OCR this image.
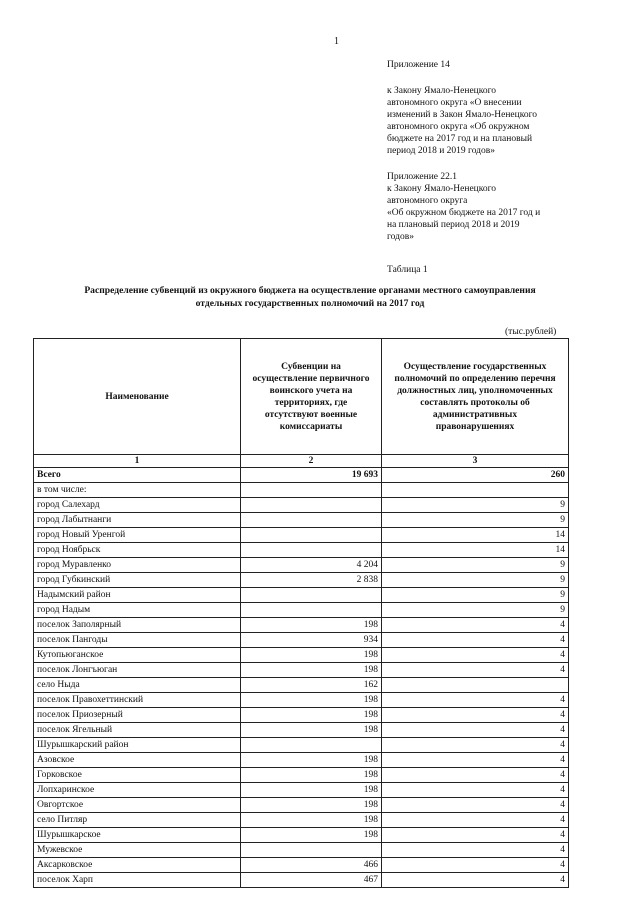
1
Приложение 14
к Закону Ямало-Ненецкого
автономного округа «О внесении
изменений в Закон Ямало-Ненецкого
автономного округа «Об окружном
бюджете на 2017 год и на плановый
период 2018 и 2019 годов»
Приложение 22.1
к Закону Ямало-Ненецкого
автономного округа
«Об окружном бюджете на 2017 год и
на плановый период 2018 и 2019
годов»
Таблица 1
Распределение субвенций из окружного бюджета на осуществление органами местного самоуправления
отдельных государственных полномочий на 2017 год
(тыс.рублей)
Наименование	Субвенции на осуществление первичного воинского учета на территориях, где отсутствуют военные комиссариаты	Осуществление государственных полномочий по определению перечня должностных лиц, уполномоченных составлять протоколы об административных правонарушениях
1	2	3
Всего	19 693	260
в том числе:		
город Салехард		9
город Лабытнанги		9
город Новый Уренгой		14
город Ноябрьск		14
город Муравленко	4 204	9
город Губкинский	2 838	9
Надымский район		9
город Надым		9
поселок Заполярный	198	4
поселок Пангоды	934	4
Кутопьюганское	198	4
поселок Лонгъюган	198	4
село Ныда	162	
поселок Правохеттинский	198	4
поселок Приозерный	198	4
поселок Ягельный	198	4
Шурышкарский район		4
Азовское	198	4
Горковское	198	4
Лопхаринское	198	4
Овгортское	198	4
село Питляр	198	4
Шурышкарское	198	4
Мужевское		4
Аксарковское	466	4
поселок Харп	467	4
